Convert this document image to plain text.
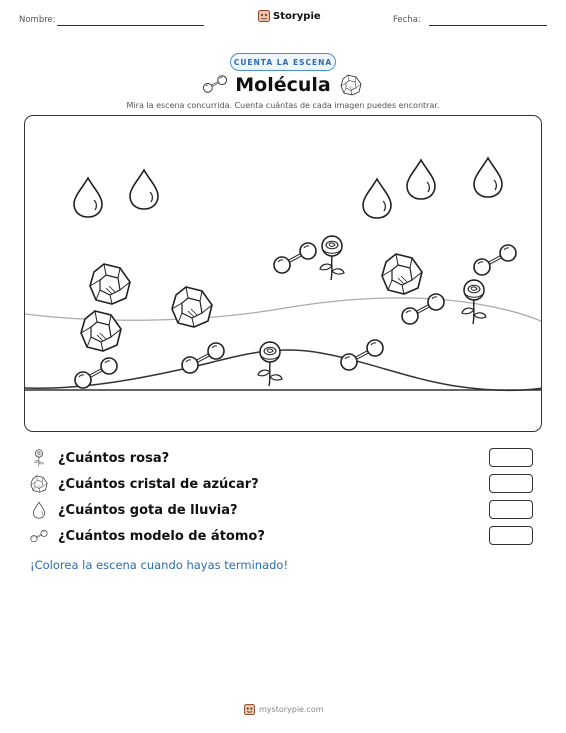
Nombre:	Storypie	Fecha:
CUENTA LA ESCENA
Molécula
Mira la escena concurrida. Cuenta cuántas de cada imagen puedes encontrar.
¿Cuántos rosa?
¿Cuántos cristal de azúcar?
¿Cuántos gota de lluvia?
¿Cuántos modelo de átomo?
¡Colorea la escena cuando hayas terminado!
mystorypie.com
